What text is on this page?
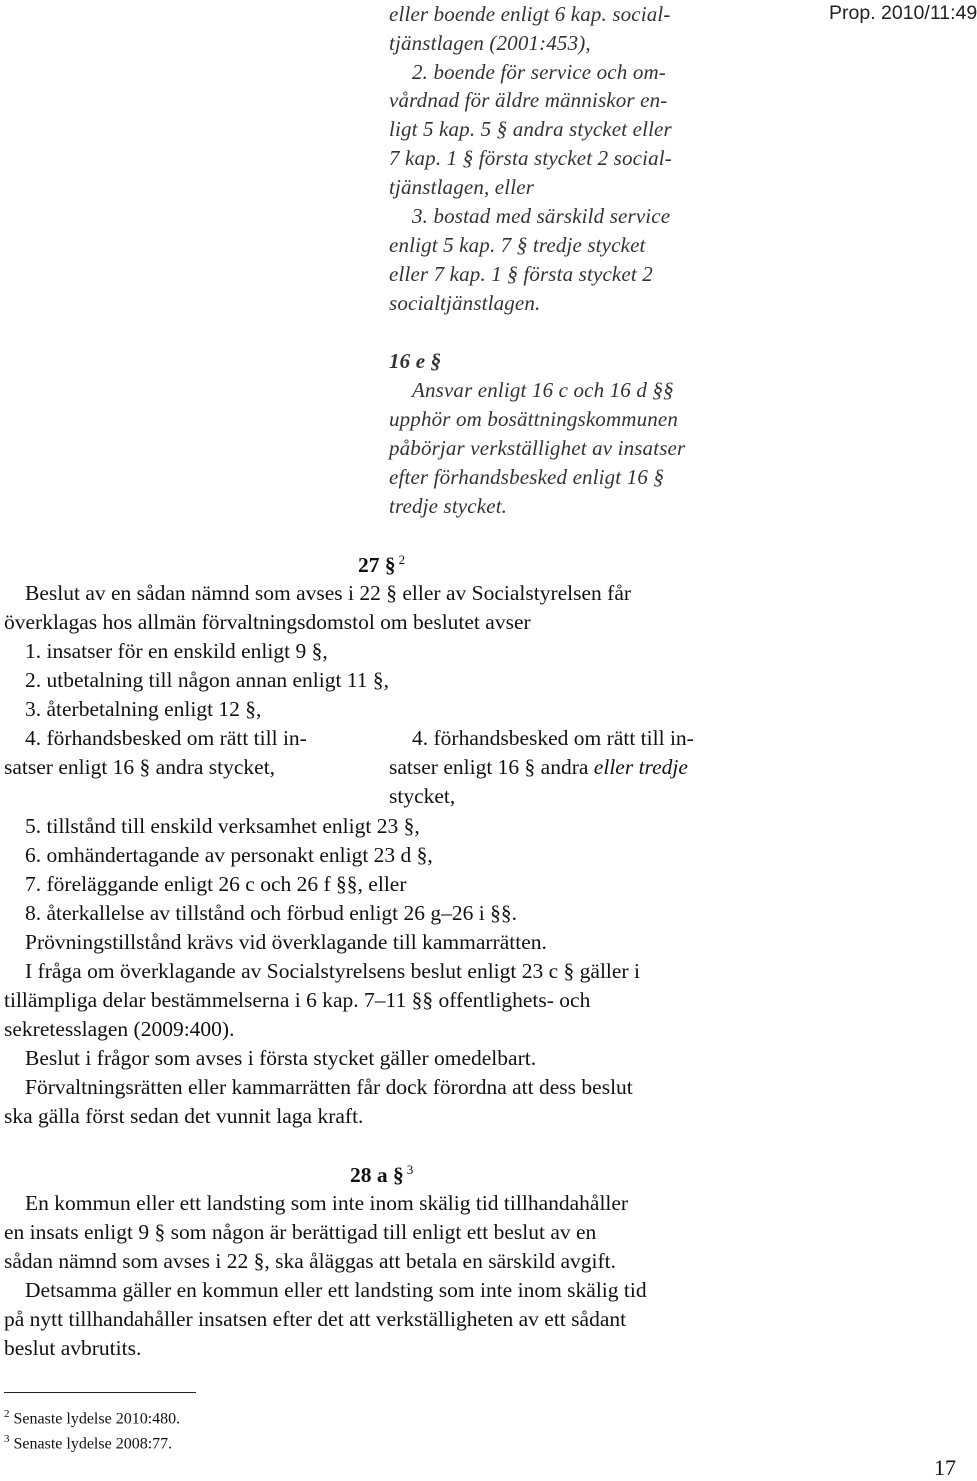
Prop. 2010/11:49
eller boende enligt 6 kap. social-
tjänstlagen (2001:453),
2. boende för service och om-
vårdnad för äldre människor en-
ligt 5 kap. 5 § andra stycket eller
7 kap. 1 § första stycket 2 social-
tjänstlagen, eller
3. bostad med särskild service
enligt 5 kap. 7 § tredje stycket
eller 7 kap. 1 § första stycket 2
socialtjänstlagen.
16 e §
Ansvar enligt 16 c och 16 d §§
upphör om bosättningskommunen
påbörjar verkställighet av insatser
efter förhandsbesked enligt 16 §
tredje stycket.
27 § $^2$
Beslut av en sådan nämnd som avses i 22 § eller av Socialstyrelsen får
överklagas hos allmän förvaltningsdomstol om beslutet avser
1. insatser för en enskild enligt 9 §,
2. utbetalning till någon annan enligt 11 §,
3. återbetalning enligt 12 §,
4. förhandsbesked om rätt till in-
satser enligt 16 § andra stycket,
4. förhandsbesked om rätt till in-
satser enligt 16 § andra eller tredje
stycket,
5. tillstånd till enskild verksamhet enligt 23 §,
6. omhändertagande av personakt enligt 23 d §,
7. föreläggande enligt 26 c och 26 f §§, eller
8. återkallelse av tillstånd och förbud enligt 26 g–26 i §§.
Prövningstillstånd krävs vid överklagande till kammarrätten.
I fråga om överklagande av Socialstyrelsens beslut enligt 23 c § gäller i
tillämpliga delar bestämmelserna i 6 kap. 7–11 §§ offentlighets- och
sekretesslagen (2009:400).
Beslut i frågor som avses i första stycket gäller omedelbart.
Förvaltningsrätten eller kammarrätten får dock förordna att dess beslut
ska gälla först sedan det vunnit laga kraft.
28 a § $^3$
En kommun eller ett landsting som inte inom skälig tid tillhandahåller
en insats enligt 9 § som någon är berättigad till enligt ett beslut av en
sådan nämnd som avses i 22 §, ska åläggas att betala en särskild avgift.
Detsamma gäller en kommun eller ett landsting som inte inom skälig tid
på nytt tillhandahåller insatsen efter det att verkställigheten av ett sådant
beslut avbrutits.
$^2$ Senaste lydelse 2010:480.
$^3$ Senaste lydelse 2008:77.
17
